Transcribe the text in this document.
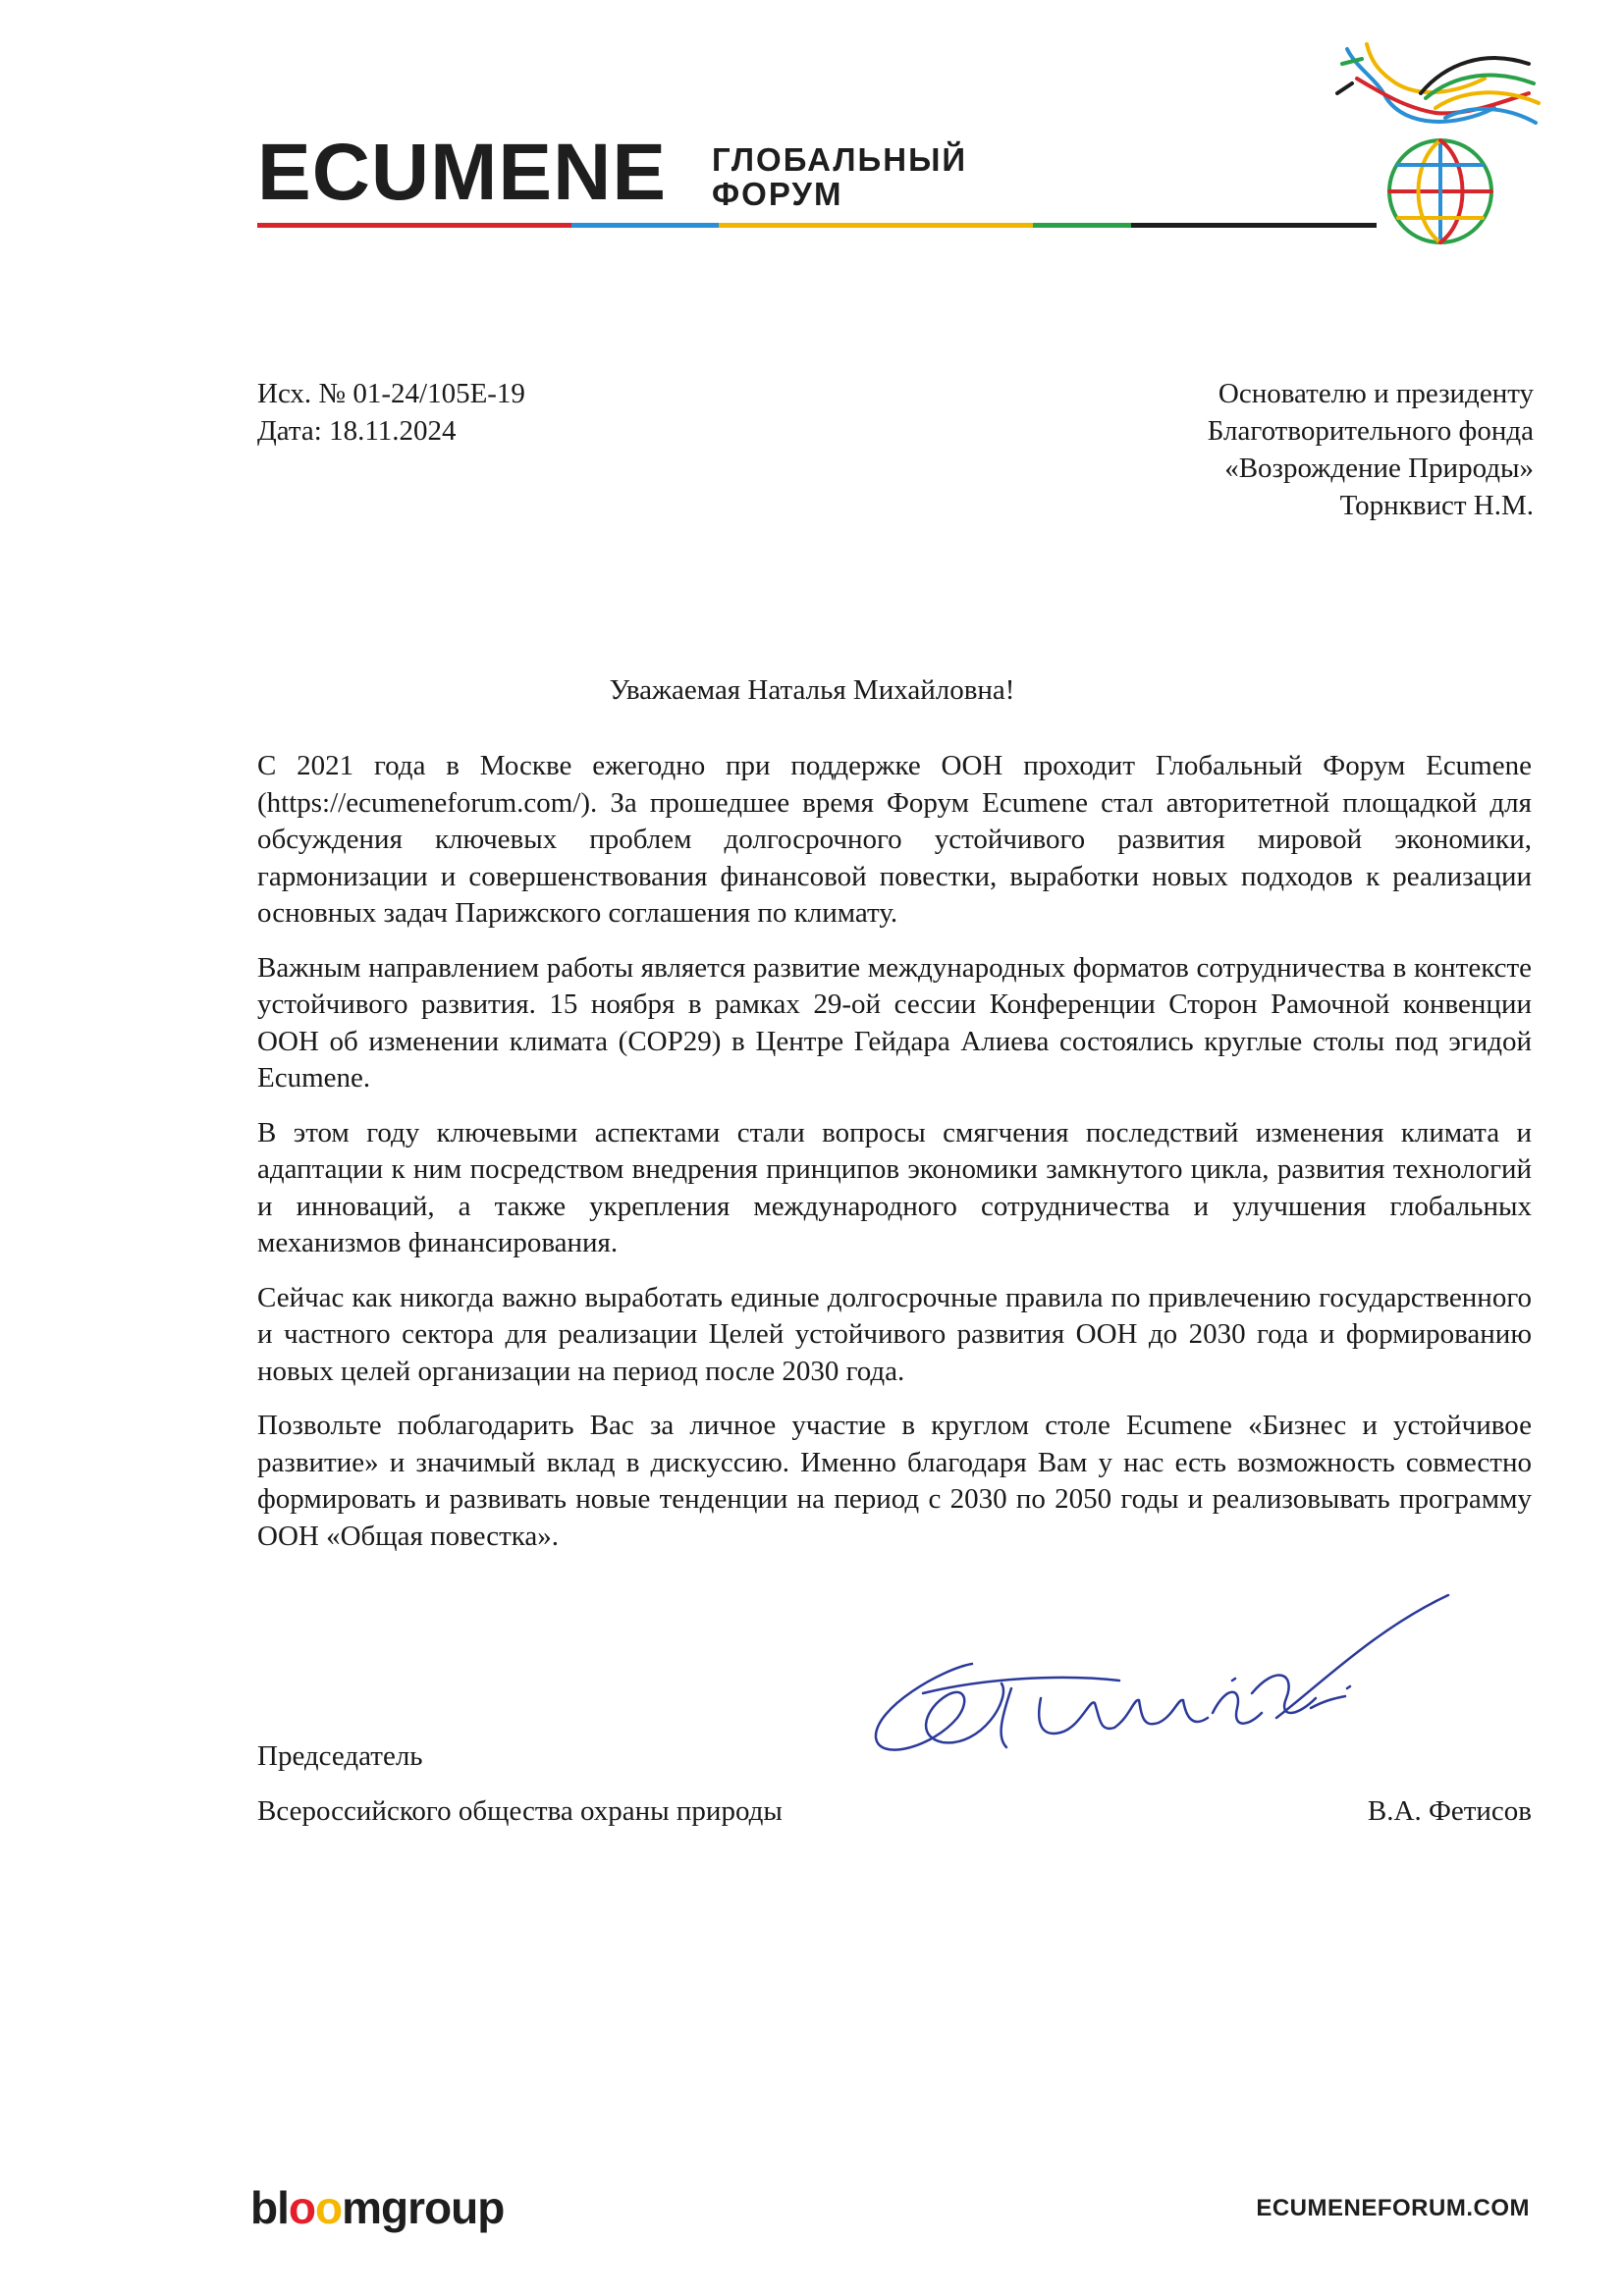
ECUMENE ГЛОБАЛЬНЫЙ
ФОРУМ
Исх. № 01-24/105Е-19
Дата: 18.11.2024
Основателю и президенту
Благотворительного фонда
«Возрождение Природы»
Торнквист Н.М.
Уважаемая Наталья Михайловна!

С 2021 года в Москве ежегодно при поддержке ООН проходит Глобальный Форум Ecumene (https://ecumeneforum.com/). За прошедшее время Форум Ecumene стал авторитетной площадкой для обсуждения ключевых проблем долгосрочного устойчивого развития мировой экономики, гармонизации и совершенствования финансовой повестки, выработки новых подходов к реализации основных задач Парижского соглашения по климату.

Важным направлением работы является развитие международных форматов сотрудничества в контексте устойчивого развития. 15 ноября в рамках 29-ой сессии Конференции Сторон Рамочной конвенции ООН об изменении климата (COP29) в Центре Гейдара Алиева состоялись круглые столы под эгидой Ecumene.

В этом году ключевыми аспектами стали вопросы смягчения последствий изменения климата и адаптации к ним посредством внедрения принципов экономики замкнутого цикла, развития технологий и инноваций, а также укрепления международного сотрудничества и улучшения глобальных механизмов финансирования.

Сейчас как никогда важно выработать единые долгосрочные правила по привлечению государственного и частного сектора для реализации Целей устойчивого развития ООН до 2030 года и формированию новых целей организации на период после 2030 года.

Позвольте поблагодарить Вас за личное участие в круглом столе Ecumene «Бизнес и устойчивое развитие» и значимый вклад в дискуссию. Именно благодаря Вам у нас есть возможность совместно формировать и развивать новые тенденции на период с 2030 по 2050 годы и реализовывать программу ООН «Общая повестка».

Председатель
Всероссийского общества охраны природы	В.А. Фетисов
bloomgroup	ECUMENEFORUM.COM
